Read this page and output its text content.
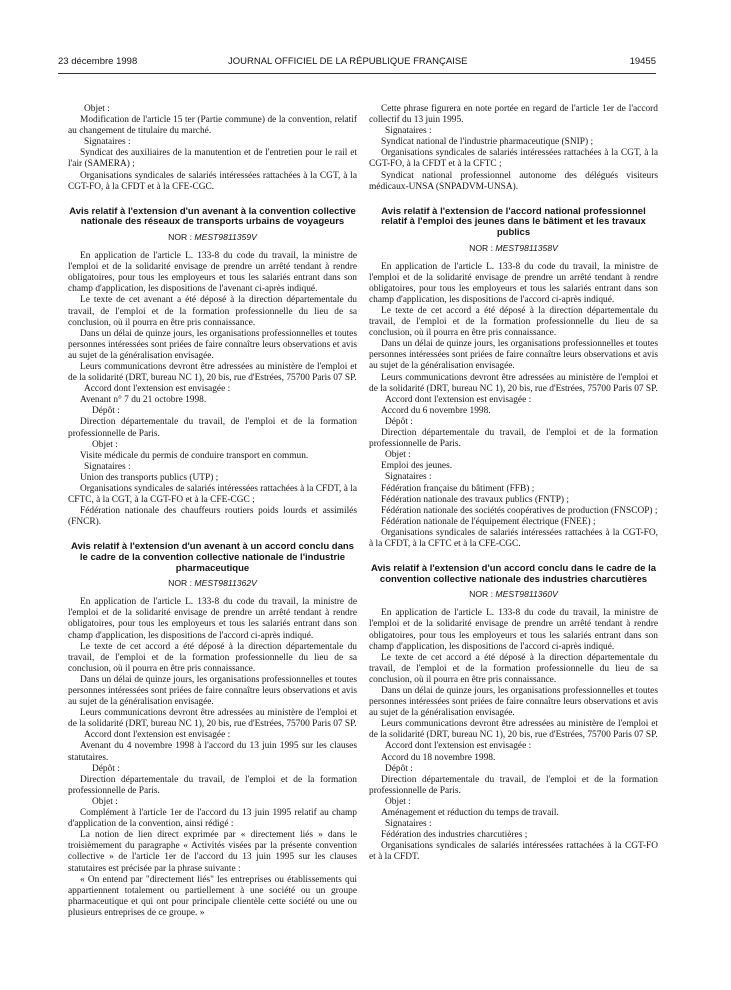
23 décembre 1998	JOURNAL OFFICIEL DE LA RÉPUBLIQUE FRANÇAISE	19455

Objet :

Modification de l'article 15 ter (Partie commune) de la convention, relatif au changement de titulaire du marché.

Signataires :

Syndicat des auxiliaires de la manutention et de l'entretien pour le rail et l'air (SAMERA) ;

Organisations syndicales de salariés intéressées rattachées à la CGT, à la CGT-FO, à la CFDT et à la CFE-CGC.

Avis relatif à l'extension d'un avenant à la convention collective nationale des réseaux de transports urbains de voyageurs
NOR : MEST9811359V

En application de l'article L. 133-8 du code du travail, la ministre de l'emploi et de la solidarité envisage de prendre un arrêté tendant à rendre obligatoires, pour tous les employeurs et tous les salariés entrant dans son champ d'application, les dispositions de l'avenant ci-après indiqué.

Le texte de cet avenant a été déposé à la direction départementale du travail, de l'emploi et de la formation professionnelle du lieu de sa conclusion, où il pourra en être pris connaissance.

Dans un délai de quinze jours, les organisations professionnelles et toutes personnes intéressées sont priées de faire connaître leurs observations et avis au sujet de la généralisation envisagée.

Leurs communications devront être adressées au ministère de l'emploi et de la solidarité (DRT, bureau NC 1), 20 bis, rue d'Estrées, 75700 Paris 07 SP.

Accord dont l'extension est envisagée :

Avenant n° 7 du 21 octobre 1998.

Dépôt :

Direction départementale du travail, de l'emploi et de la formation professionnelle de Paris.

Objet :

Visite médicale du permis de conduire transport en commun.

Signataires :

Union des transports publics (UTP) ;

Organisations syndicales de salariés intéressées rattachées à la CFDT, à la CFTC, à la CGT, à la CGT-FO et à la CFE-CGC ;

Fédération nationale des chauffeurs routiers poids lourds et assimilés (FNCR).

Avis relatif à l'extension d'un avenant à un accord conclu dans le cadre de la convention collective nationale de l'industrie pharmaceutique
NOR : MEST9811362V

En application de l'article L. 133-8 du code du travail, la ministre de l'emploi et de la solidarité envisage de prendre un arrêté tendant à rendre obligatoires, pour tous les employeurs et tous les salariés entrant dans son champ d'application, les dispositions de l'accord ci-après indiqué.

Le texte de cet accord a été déposé à la direction départementale du travail, de l'emploi et de la formation professionnelle du lieu de sa conclusion, où il pourra en être pris connaissance.

Dans un délai de quinze jours, les organisations professionnelles et toutes personnes intéressées sont priées de faire connaître leurs observations et avis au sujet de la généralisation envisagée.

Leurs communications devront être adressées au ministère de l'emploi et de la solidarité (DRT, bureau NC 1), 20 bis, rue d'Estrées, 75700 Paris 07 SP.

Accord dont l'extension est envisagée :

Avenant du 4 novembre 1998 à l'accord du 13 juin 1995 sur les clauses statutaires.

Dépôt :

Direction départementale du travail, de l'emploi et de la formation professionnelle de Paris.

Objet :

Complément à l'article 1er de l'accord du 13 juin 1995 relatif au champ d'application de la convention, ainsi rédigé :

La notion de lien direct exprimée par « directement liés » dans le troisièmement du paragraphe « Activités visées par la présente convention collective » de l'article 1er de l'accord du 13 juin 1995 sur les clauses statutaires est précisée par la phrase suivante :

« On entend par "directement liés" les entreprises ou établissements qui appartiennent totalement ou partiellement à une société ou un groupe pharmaceutique et qui ont pour principale clientèle cette société ou une ou plusieurs entreprises de ce groupe. »

Cette phrase figurera en note portée en regard de l'article 1er de l'accord collectif du 13 juin 1995.

Signataires :

Syndicat national de l'industrie pharmaceutique (SNIP) ;

Organisations syndicales de salariés intéressées rattachées à la CGT, à la CGT-FO, à la CFDT et à la CFTC ;

Syndicat national professionnel autonome des délégués visiteurs médicaux-UNSA (SNPADVM-UNSA).

Avis relatif à l'extension de l'accord national professionnel relatif à l'emploi des jeunes dans le bâtiment et les travaux publics
NOR : MEST9811358V

En application de l'article L. 133-8 du code du travail, la ministre de l'emploi et de la solidarité envisage de prendre un arrêté tendant à rendre obligatoires, pour tous les employeurs et tous les salariés entrant dans son champ d'application, les dispositions de l'accord ci-après indiqué.

Le texte de cet accord a été déposé à la direction départementale du travail, de l'emploi et de la formation professionnelle du lieu de sa conclusion, où il pourra en être pris connaissance.

Dans un délai de quinze jours, les organisations professionnelles et toutes personnes intéressées sont priées de faire connaître leurs observations et avis au sujet de la généralisation envisagée.

Leurs communications devront être adressées au ministère de l'emploi et de la solidarité (DRT, bureau NC 1), 20 bis, rue d'Estrées, 75700 Paris 07 SP.

Accord dont l'extension est envisagée :

Accord du 6 novembre 1998.

Dépôt :

Direction départementale du travail, de l'emploi et de la formation professionnelle de Paris.

Objet :

Emploi des jeunes.

Signataires :

Fédération française du bâtiment (FFB) ;

Fédération nationale des travaux publics (FNTP) ;

Fédération nationale des sociétés coopératives de production (FNSCOP) ;

Fédération nationale de l'équipement électrique (FNEE) ;

Organisations syndicales de salariés intéressées rattachées à la CGT-FO, à la CFDT, à la CFTC et à la CFE-CGC.

Avis relatif à l'extension d'un accord conclu dans le cadre de la convention collective nationale des industries charcutières
NOR : MEST9811360V

En application de l'article L. 133-8 du code du travail, la ministre de l'emploi et de la solidarité envisage de prendre un arrêté tendant à rendre obligatoires, pour tous les employeurs et tous les salariés entrant dans son champ d'application, les dispositions de l'accord ci-après indiqué.

Le texte de cet accord a été déposé à la direction départementale du travail, de l'emploi et de la formation professionnelle du lieu de sa conclusion, où il pourra en être pris connaissance.

Dans un délai de quinze jours, les organisations professionnelles et toutes personnes intéressées sont priées de faire connaître leurs observations et avis au sujet de la généralisation envisagée.

Leurs communications devront être adressées au ministère de l'emploi et de la solidarité (DRT, bureau NC 1), 20 bis, rue d'Estrées, 75700 Paris 07 SP.

Accord dont l'extension est envisagée :

Accord du 18 novembre 1998.

Dépôt :

Direction départementale du travail, de l'emploi et de la formation professionnelle de Paris.

Objet :

Aménagement et réduction du temps de travail.

Signataires :

Fédération des industries charcutières ;

Organisations syndicales de salariés intéressées rattachées à la CGT-FO et à la CFDT.
